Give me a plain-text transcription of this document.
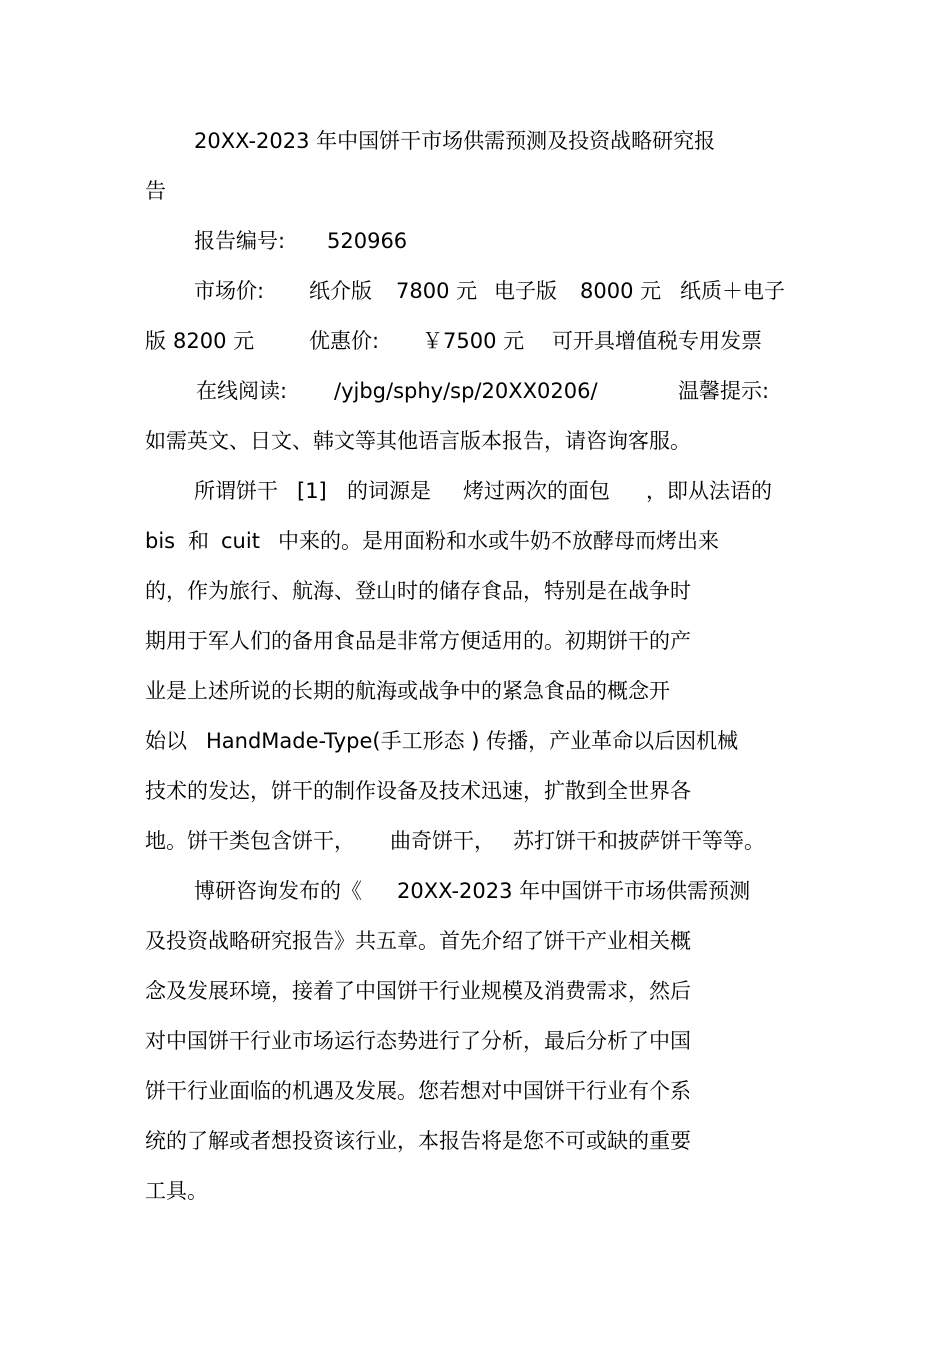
20XX-2023 年中国饼干市场供需预测及投资战略研究报
告
报告编号: 520966
市场价: 纸介版 7800 元 电子版 8000 元 纸质＋电子
版 8200 元	优惠价: ￥7500 元 可开具增值税专用发票
在线阅读: /yjbg/sphy/sp/20XX0206/	温馨提示:
如需英文、日文、韩文等其他语言版本报告，请咨询客服。
所谓饼干 [1] 的词源是 烤过两次的面包 ，即从法语的
bis 和 cuit 中来的。是用面粉和水或牛奶不放酵母而烤出来
的，作为旅行、航海、登山时的储存食品，特别是在战争时
期用于军人们的备用食品是非常方便适用的。初期饼干的产
业是上述所说的长期的航海或战争中的紧急食品的概念开
始以 HandMade-Type(手工形态 ) 传播，产业革命以后因机械
技术的发达，饼干的制作设备及技术迅速，扩散到全世界各
地。饼干类包含饼干， 曲奇饼干， 苏打饼干和披萨饼干等等。
博研咨询发布的《 20XX-2023 年中国饼干市场供需预测
及投资战略研究报告》共五章。首先介绍了饼干产业相关概
念及发展环境，接着了中国饼干行业规模及消费需求，然后
对中国饼干行业市场运行态势进行了分析，最后分析了中国
饼干行业面临的机遇及发展。您若想对中国饼干行业有个系
统的了解或者想投资该行业，本报告将是您不可或缺的重要
工具。
